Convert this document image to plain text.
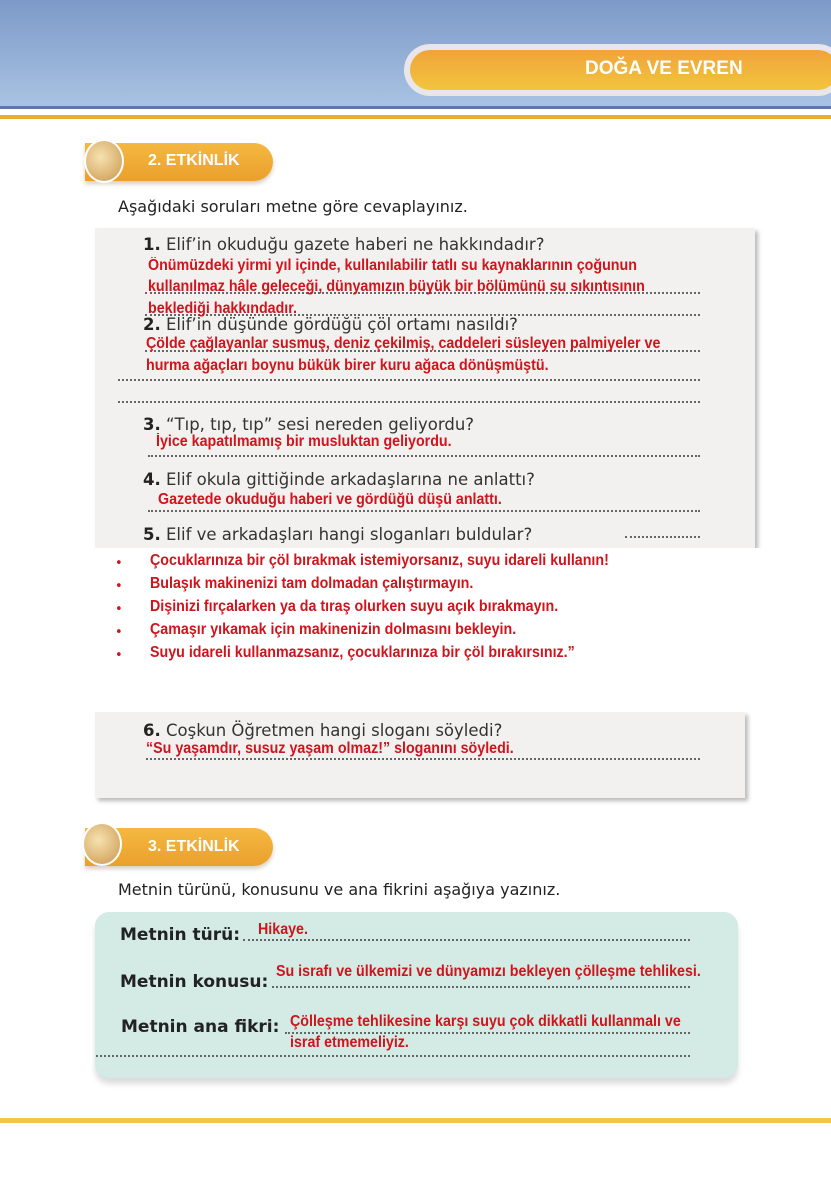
DOĞA VE EVREN
2. ETKİNLİK
Aşağıdaki soruları metne göre cevaplayınız.
1. Elif’in okuduğu gazete haberi ne hakkındadır?
Önümüzdeki yirmi yıl içinde, kullanılabilir tatlı su kaynaklarının çoğunun
kullanılmaz hâle geleceği, dünyamızın büyük bir bölümünü su sıkıntısının
beklediği hakkındadır.
2. Elif’in düşünde gördüğü çöl ortamı nasıldı?
Çölde çağlayanlar susmuş, deniz çekilmiş, caddeleri süsleyen palmiyeler ve
hurma ağaçları boynu bükük birer kuru ağaca dönüşmüştü.
3. “Tıp, tıp, tıp” sesi nereden geliyordu?
İyice kapatılmamış bir musluktan geliyordu.
4. Elif okula gittiğinde arkadaşlarına ne anlattı?
Gazetede okuduğu haberi ve gördüğü düşü anlattı.
5. Elif ve arkadaşları hangi sloganları buldular?
• Çocuklarınıza bir çöl bırakmak istemiyorsanız, suyu idareli kullanın!
• Bulaşık makinenizi tam dolmadan çalıştırmayın.
• Dişinizi fırçalarken ya da tıraş olurken suyu açık bırakmayın.
• Çamaşır yıkamak için makinenizin dolmasını bekleyin.
• Suyu idareli kullanmazsanız, çocuklarınıza bir çöl bırakırsınız.”
6. Coşkun Öğretmen hangi sloganı söyledi?
“Su yaşamdır, susuz yaşam olmaz!” sloganını söyledi.
3. ETKİNLİK
Metnin türünü, konusunu ve ana fikrini aşağıya yazınız.
Metnin türü: Hikaye.
Metnin konusu:
Su israfı ve ülkemizi ve dünyamızı bekleyen çölleşme tehlikesi.
Metnin ana fikri: Çölleşme tehlikesine karşı suyu çok dikkatli kullanmalı ve
israf etmemeliyiz.
